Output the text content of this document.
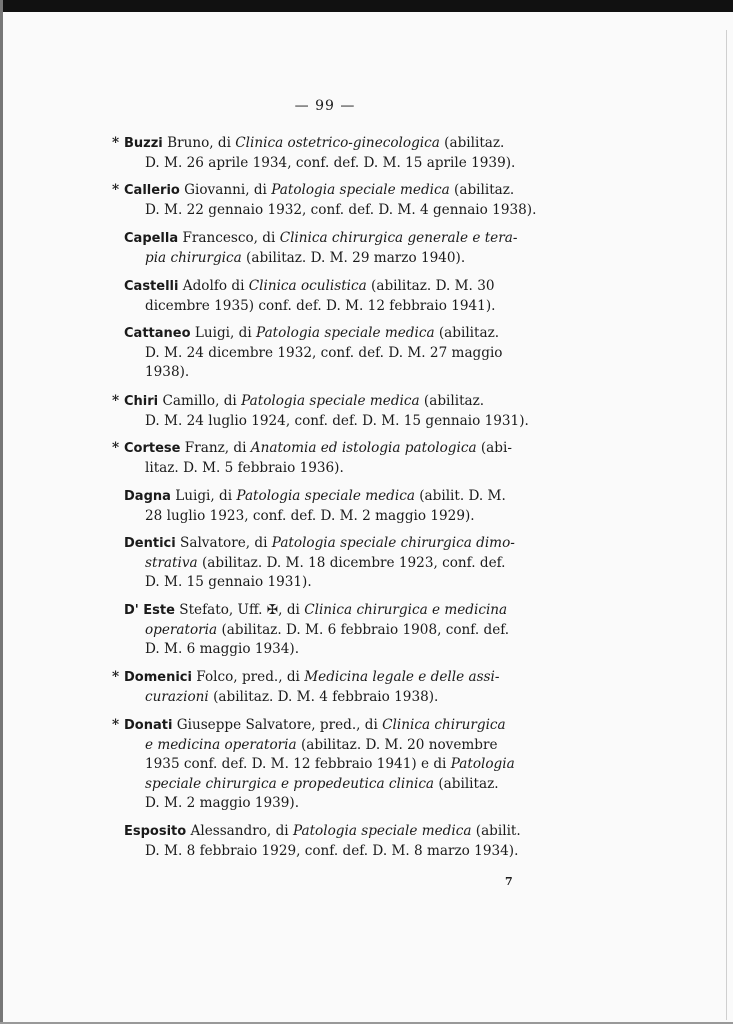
— 99 —
* Buzzi Bruno, di Clinica ostetrico-ginecologica (abilitaz.
D. M. 26 aprile 1934, conf. def. D. M. 15 aprile 1939).
* Callerio Giovanni, di Patologia speciale medica (abilitaz.
D. M. 22 gennaio 1932, conf. def. D. M. 4 gennaio 1938).
Capella Francesco, di Clinica chirurgica generale e tera-
pia chirurgica (abilitaz. D. M. 29 marzo 1940).
Castelli Adolfo di Clinica oculistica (abilitaz. D. M. 30
dicembre 1935) conf. def. D. M. 12 febbraio 1941).
Cattaneo Luigi, di Patologia speciale medica (abilitaz.
D. M. 24 dicembre 1932, conf. def. D. M. 27 maggio
1938).
* Chiri Camillo, di Patologia speciale medica (abilitaz.
D. M. 24 luglio 1924, conf. def. D. M. 15 gennaio 1931).
* Cortese Franz, di Anatomia ed istologia patologica (abi-
litaz. D. M. 5 febbraio 1936).
Dagna Luigi, di Patologia speciale medica (abilit. D. M.
28 luglio 1923, conf. def. D. M. 2 maggio 1929).
Dentici Salvatore, di Patologia speciale chirurgica dimo-
strativa (abilitaz. D. M. 18 dicembre 1923, conf. def.
D. M. 15 gennaio 1931).
D' Este Stefato, Uff. ✠, di Clinica chirurgica e medicina
operatoria (abilitaz. D. M. 6 febbraio 1908, conf. def.
D. M. 6 maggio 1934).
* Domenici Folco, pred., di Medicina legale e delle assi-
curazioni (abilitaz. D. M. 4 febbraio 1938).
* Donati Giuseppe Salvatore, pred., di Clinica chirurgica
e medicina operatoria (abilitaz. D. M. 20 novembre
1935 conf. def. D. M. 12 febbraio 1941) e di Patologia
speciale chirurgica e propedeutica clinica (abilitaz.
D. M. 2 maggio 1939).
Esposito Alessandro, di Patologia speciale medica (abilit.
D. M. 8 febbraio 1929, conf. def. D. M. 8 marzo 1934).
7
